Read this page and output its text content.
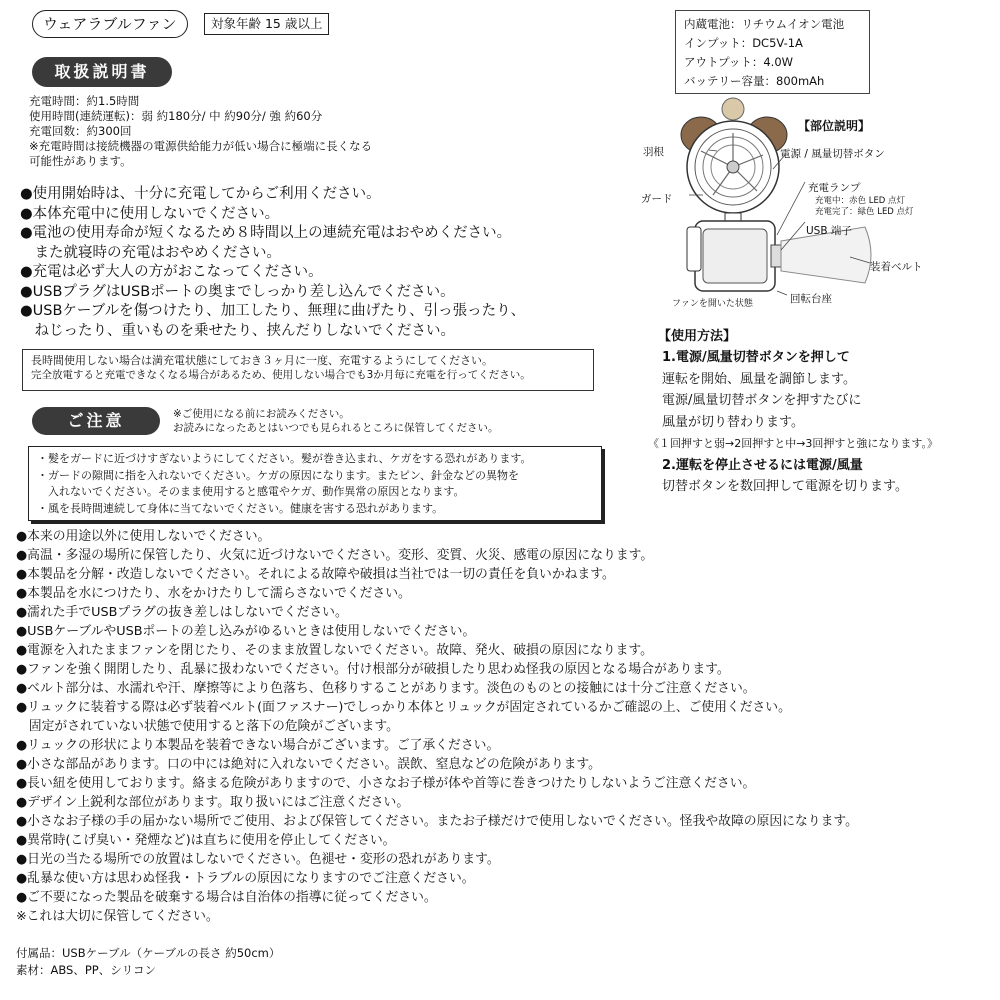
ウェアラブルファン	対象年齢 15 歳以上	内蔵電池：リチウムイオン電池
インプット：DC5V-1A
アウトプット：4.0W
バッテリー容量：800mAh
取扱説明書
充電時間：約1.5時間
使用時間(連続運転)：弱 約180分/ 中 約90分/ 強 約60分
充電回数：約300回
※充電時間は接続機器の電源供給能力が低い場合に極端に長くなる
可能性があります。
●使用開始時は、十分に充電してからご利用ください。
●本体充電中に使用しないでください。
●電池の使用寿命が短くなるため８時間以上の連続充電はおやめください。
　また就寝時の充電はおやめください。
●充電は必ず大人の方がおこなってください。
●USBプラグはUSBポートの奥までしっかり差し込んでください。
●USBケーブルを傷つけたり、加工したり、無理に曲げたり、引っ張ったり、
　ねじったり、重いものを乗せたり、挟んだりしないでください。
長時間使用しない場合は満充電状態にしておき３ヶ月に一度、充電するようにしてください。
完全放電すると充電できなくなる場合があるため、使用しない場合でも3か月毎に充電を行ってください。
ご注意	※ご使用になる前にお読みください。
お読みになったあとはいつでも見られるところに保管してください。
・髪をガードに近づけすぎないようにしてください。髪が巻き込まれ、ケガをする恐れがあります。
・ガードの隙間に指を入れないでください。ケガの原因になります。またピン、針金などの異物を
　入れないでください。そのまま使用すると感電やケガ、動作異常の原因となります。
・風を長時間連続して身体に当てないでください。健康を害する恐れがあります。
●本来の用途以外に使用しないでください。
●高温・多湿の場所に保管したり、火気に近づけないでください。変形、変質、火災、感電の原因になります。
●本製品を分解・改造しないでください。それによる故障や破損は当社では一切の責任を負いかねます。
●本製品を水につけたり、水をかけたりして濡らさないでください。
●濡れた手でUSBプラグの抜き差しはしないでください。
●USBケーブルやUSBポートの差し込みがゆるいときは使用しないでください。
●電源を入れたままファンを閉じたり、そのまま放置しないでください。故障、発火、破損の原因になります。
●ファンを強く開閉したり、乱暴に扱わないでください。付け根部分が破損したり思わぬ怪我の原因となる場合があります。
●ベルト部分は、水濡れや汗、摩擦等により色落ち、色移りすることがあります。淡色のものとの接触には十分ご注意ください。
●リュックに装着する際は必ず装着ベルト(面ファスナー)でしっかり本体とリュックが固定されているかご確認の上、ご使用ください。
　固定がされていない状態で使用すると落下の危険がございます。
●リュックの形状により本製品を装着できない場合がございます。ご了承ください。
●小さな部品があります。口の中には絶対に入れないでください。誤飲、窒息などの危険があります。
●長い紐を使用しております。絡まる危険がありますので、小さなお子様が体や首等に巻きつけたりしないようご注意ください。
●デザイン上鋭利な部位があります。取り扱いにはご注意ください。
●小さなお子様の手の届かない場所でご使用、および保管してください。またお子様だけで使用しないでください。怪我や故障の原因になります。
●異常時(こげ臭い・発煙など)は直ちに使用を停止してください。
●日光の当たる場所での放置はしないでください。色褪せ・変形の恐れがあります。
●乱暴な使い方は思わぬ怪我・トラブルの原因になりますのでご注意ください。
●ご不要になった製品を破棄する場合は自治体の指導に従ってください。
※これは大切に保管してください。
付属品：USBケーブル（ケーブルの長さ 約50cm）
素材：ABS、PP、シリコン
【部位説明】
羽根
ガード
電源 / 風量切替ボタン
充電ランプ
充電中：赤色 LED 点灯
充電完了：緑色 LED 点灯
USB 端子
装着ベルト
回転台座
ファンを開いた状態
【使用方法】
1.電源/風量切替ボタンを押して
運転を開始、風量を調節します。
電源/風量切替ボタンを押すたびに
風量が切り替わります。
《１回押すと弱→2回押すと中→3回押すと強になります。》
2.運転を停止させるには電源/風量
切替ボタンを数回押して電源を切ります。
